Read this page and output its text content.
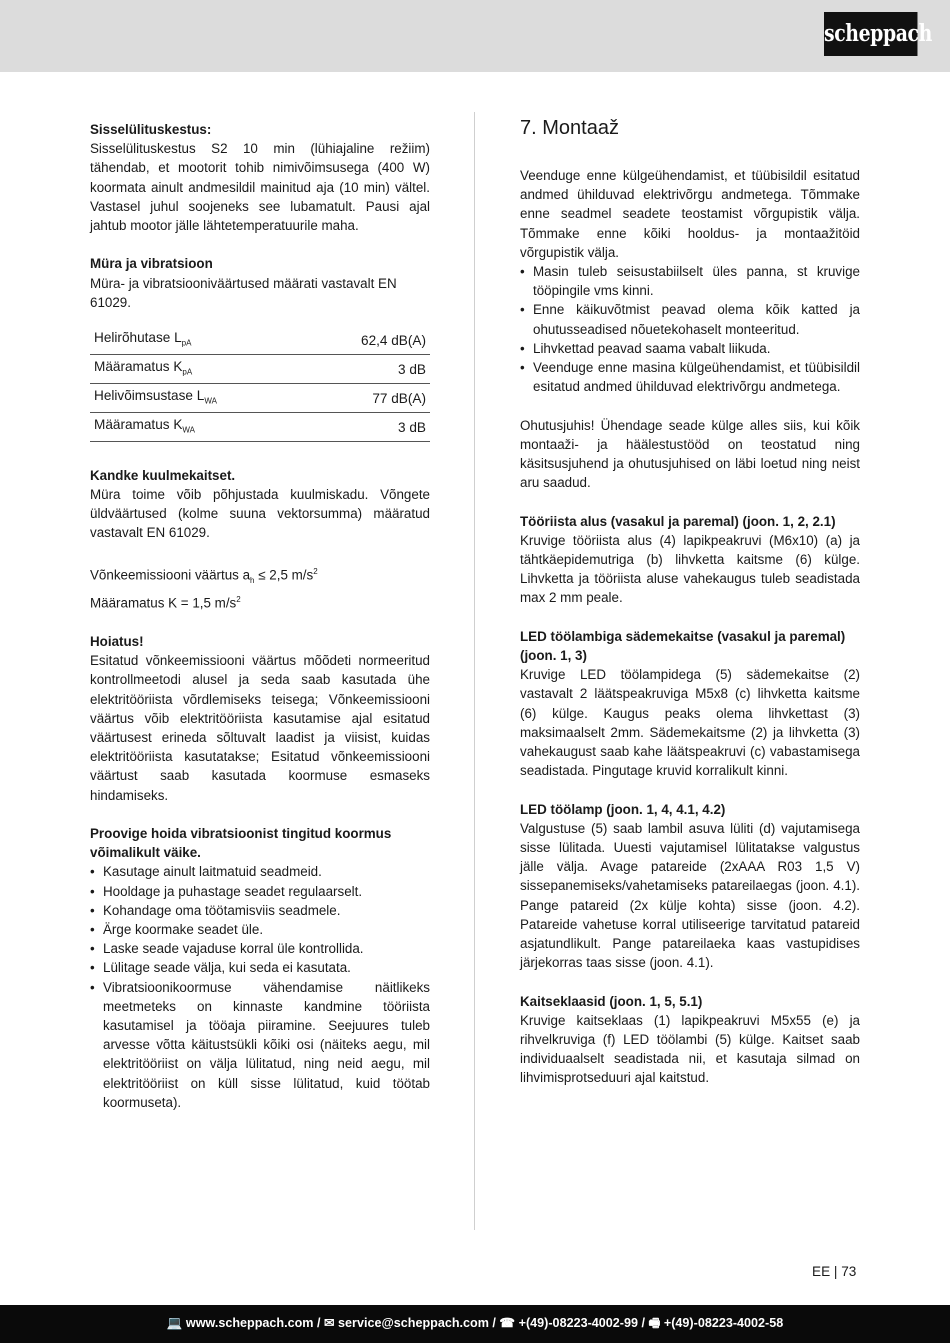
scheppach

Sisselülituskestus:

Sisselülituskestus S2 10 min (lühiajaline režiim) tähendab, et mootorit tohib nimivõimsusega (400 W) koormata ainult andmesildil mainitud aja (10 min) vältel. Vastasel juhul soojeneks see lubamatult. Pausi ajal jahtub mootor jälle lähtetemperatuurile maha.

Müra ja vibratsioon

Müra- ja vibratsiooniväärtused määrati vastavalt EN 61029.

Helirõhutase $L_{pA}$	62,4 dB(A)
Määramatus $K_{pA}$	3 dB
Helivõimsustase $L_{WA}$	77 dB(A)
Määramatus $K_{WA}$	3 dB

Kandke kuulmekaitset.

Müra toime võib põhjustada kuulmiskadu. Võngete üldväärtused (kolme suuna vektorsumma) määratud vastavalt EN 61029.

Võnkeemissiooni väärtus $a_h \le 2,5$ $m/s^2$

Määramatus K = 1,5 $m/s^2$

Hoiatus!

Esitatud võnkeemissiooni väärtus mõõdeti normeeritud kontrollmeetodi alusel ja seda saab kasutada ühe elektritööriista võrdlemiseks teisega; Võnkeemissiooni väärtus võib elektritööriista kasutamise ajal esitatud väärtusest erineda sõltuvalt laadist ja viisist, kuidas elektritööriista kasutatakse; Esitatud võnkeemissiooni väärtust saab kasutada koormuse esmaseks hindamiseks.

Proovige hoida vibratsioonist tingitud koormus võimalikult väike.

• Kasutage ainult laitmatuid seadmeid.
• Hooldage ja puhastage seadet regulaarselt.
• Kohandage oma töötamisviis seadmele.
• Ärge koormake seadet üle.
• Laske seade vajaduse korral üle kontrollida.
• Lülitage seade välja, kui seda ei kasutata.
• Vibratsioonikoormuse vähendamise näitlikeks meetmeteks on kinnaste kandmine tööriista kasutamisel ja tööaja piiramine. Seejuures tuleb arvesse võtta käitustsükli kõiki osi (näiteks aegu, mil elektritööriist on välja lülitatud, ning neid aegu, mil elektritööriist on küll sisse lülitatud, kuid töötab koormuseta).
7. Montaaž

Veenduge enne külgeühendamist, et tüübisildil esitatud andmed ühilduvad elektrivõrgu andmetega. Tõmmake enne seadmel seadete teostamist võrgupistik välja. Tõmmake enne kõiki hooldus- ja montaažitöid võrgupistik välja.

• Masin tuleb seisustabiilselt üles panna, st kruvige tööpingile vms kinni.
• Enne käikuvõtmist peavad olema kõik katted ja ohutusseadised nõuetekohaselt monteeritud.
• Lihvkettad peavad saama vabalt liikuda.
• Veenduge enne masina külgeühendamist, et tüübisildil esitatud andmed ühilduvad elektrivõrgu andmetega.

Ohutusjuhis! Ühendage seade külge alles siis, kui kõik montaaži- ja häälestustööd on teostatud ning käsitsusjuhend ja ohutusjuhised on läbi loetud ning neist aru saadud.

Tööriista alus (vasakul ja paremal) (joon. 1, 2, 2.1)

Kruvige tööriista alus (4) lapikpeakruvi (M6x10) (a) ja tähtkäepidemutriga (b) lihvketta kaitsme (6) külge. Lihvketta ja tööriista aluse vahekaugus tuleb seadistada max 2 mm peale.

LED töölambiga sädemekaitse (vasakul ja paremal) (joon. 1, 3)

Kruvige LED töölampidega (5) sädemekaitse (2) vastavalt 2 läätspeakruviga M5x8 (c) lihvketta kaitsme (6) külge. Kaugus peaks olema lihvkettast (3) maksimaalselt 2mm. Sädemekaitsme (2) ja lihvketta (3) vahekaugust saab kahe läätspeakruvi (c) vabastamisega seadistada. Pingutage kruvid korralikult kinni.

LED töölamp (joon. 1, 4, 4.1, 4.2)

Valgustuse (5) saab lambil asuva lüliti (d) vajutamisega sisse lülitada. Uuesti vajutamisel lülitatakse valgustus jälle välja. Avage patareide (2xAAA R03 1,5 V) sissepanemiseks/vahetamiseks patareilaegas (joon. 4.1). Pange patareid (2x külje kohta) sisse (joon. 4.2). Patareide vahetuse korral utiliseerige tarvitatud patareid asjatundlikult. Pange patareilaeka kaas vastupidises järjekorras taas sisse (joon. 4.1).

Kaitseklaasid (joon. 1, 5, 5.1)

Kruvige kaitseklaas (1) lapikpeakruvi M5x55 (e) ja rihvelkruviga (f) LED töölambi (5) külge. Kaitset saab individuaalselt seadistada nii, et kasutaja silmad on lihvimisprotseduuri ajal kaitstud.

EE | 73
💻 www.scheppach.com / ✉ service@scheppach.com / ☎ +(49)-08223-4002-99 / 🖷 +(49)-08223-4002-58
